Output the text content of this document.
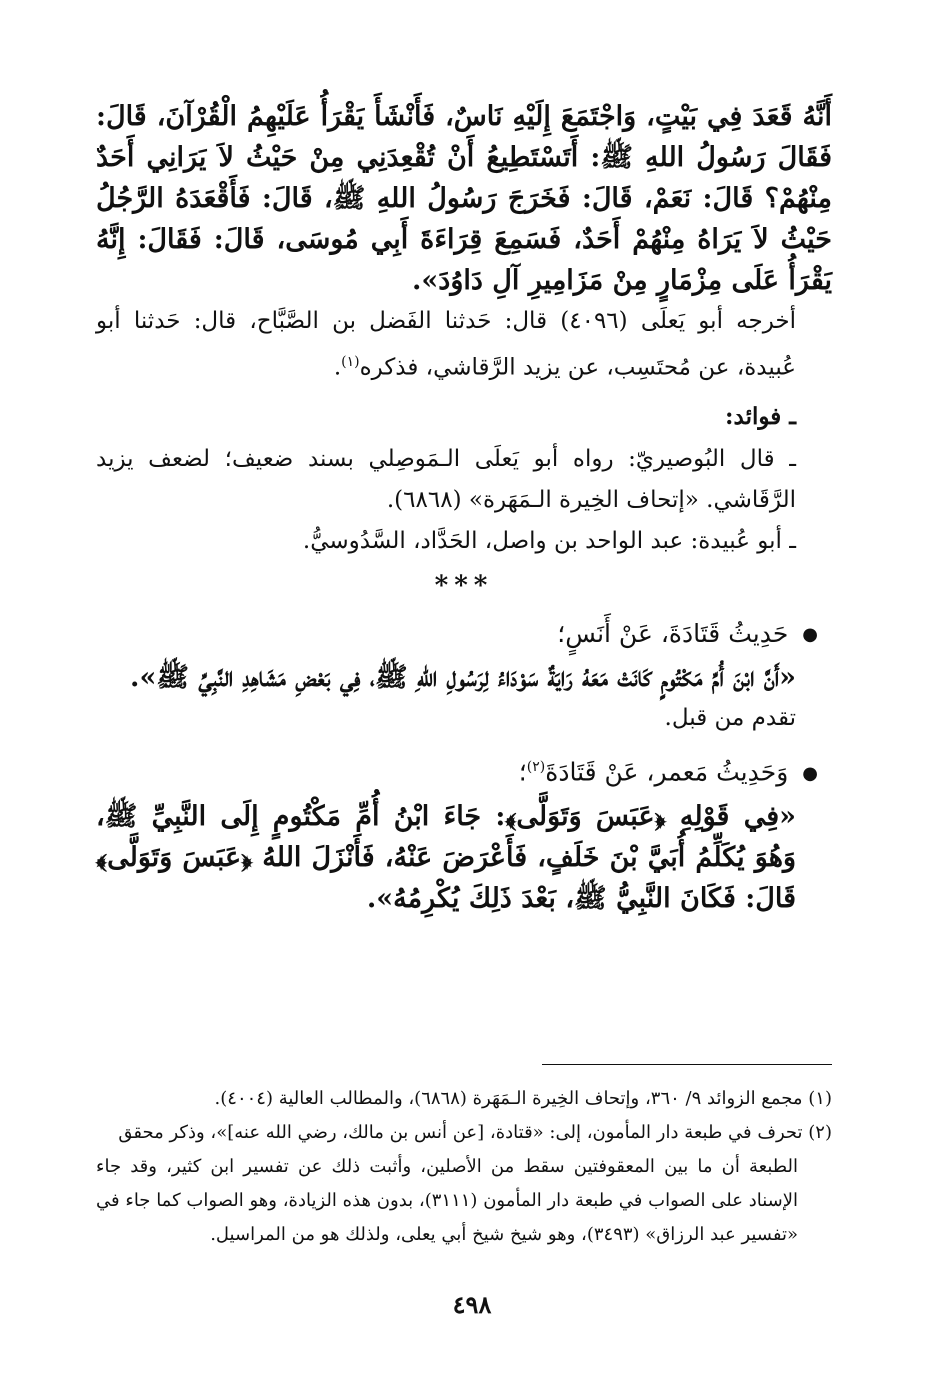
أَنَّهُ قَعَدَ فِي بَيْتٍ، وَاجْتَمَعَ إِلَيْهِ نَاسٌ، فَأَنْشَأَ يَقْرَأُ عَلَيْهِمُ الْقُرْآنَ، قَالَ: فَقَالَ رَسُولُ اللهِ ﷺ: أَتَسْتَطِيعُ أَنْ تُقْعِدَنِي مِنْ حَيْثُ لاَ يَرَانِي أَحَدٌ مِنْهُمْ؟ قَالَ: نَعَمْ، قَالَ: فَخَرَجَ رَسُولُ اللهِ ﷺ، قَالَ: فَأَقْعَدَهُ الرَّجُلُ حَيْثُ لاَ يَرَاهُ مِنْهُمْ أَحَدٌ، فَسَمِعَ قِرَاءَةَ أَبِي مُوسَى، قَالَ: فَقَالَ: إِنَّهُ يَقْرَأُ عَلَى مِزْمَارٍ مِنْ مَزَامِيرِ آلِ دَاوُدَ».

أخرجه أبو يَعلَى (٤٠٩٦) قال: حَدثنا الفَضل بن الصَّبَّاح، قال: حَدثنا أبو عُبيدة، عن مُحتَسِب، عن يزيد الرَّقاشي، فذكره$^{(١)}$.

ـ فوائد:

ـ قال البُوصيريّ: رواه أبو يَعلَى الـمَوصِلي بسند ضعيف؛ لضعف يزيد الرَّقَاشي. «إتحاف الخِيرة الـمَهَرة» (٦٨٦٨).

ـ أبو عُبيدة: عبد الواحد بن واصل، الحَدَّاد، السَّدُوسيُّ.

***

●حَدِيثُ قَتَادَةَ، عَنْ أَنَسٍ؛

«أَنَّ ابْنَ أُمِّ مَكْتُومٍ كَانَتْ مَعَهُ رَايَةٌ سَوْدَاءُ لِرَسُولِ اللهِ ﷺ، فِي بَعْضِ مَشَاهِدِ النَّبِيِّ ﷺ».

تقدم من قبل.

●وَحَدِيثُ مَعمر، عَنْ قَتَادَةَ$^{(٢)}$؛

«فِي قَوْلِهِ ﴿عَبَسَ وَتَوَلَّى﴾: جَاءَ ابْنُ أُمِّ مَكْتُومٍ إِلَى النَّبِيِّ ﷺ، وَهُوَ يُكَلِّمُ أُبَيَّ بْنَ خَلَفٍ، فَأَعْرَضَ عَنْهُ، فَأَنْزَلَ اللهُ ﴿عَبَسَ وَتَوَلَّى﴾ قَالَ: فَكَانَ النَّبِيُّ ﷺ، بَعْدَ ذَلِكَ يُكْرِمُهُ».

(١) مجمع الزوائد ٩/ ٣٦٠، وإتحاف الخِيرة الـمَهَرة (٦٨٦٨)، والمطالب العالية (٤٠٠٤).

(٢) تحرف في طبعة دار المأمون، إلى: «قتادة، [عن أنس بن مالك، رضي الله عنه]»، وذكر محقق

الطبعة أن ما بين المعقوفتين سقط من الأصلين، وأثبت ذلك عن تفسير ابن كثير، وقد جاء الإسناد على الصواب في طبعة دار المأمون (٣١١١)، بدون هذه الزيادة، وهو الصواب كما جاء في «تفسير عبد الرزاق» (٣٤٩٣)، وهو شيخ شيخ أبي يعلى، ولذلك هو من المراسيل.

٤٩٨
